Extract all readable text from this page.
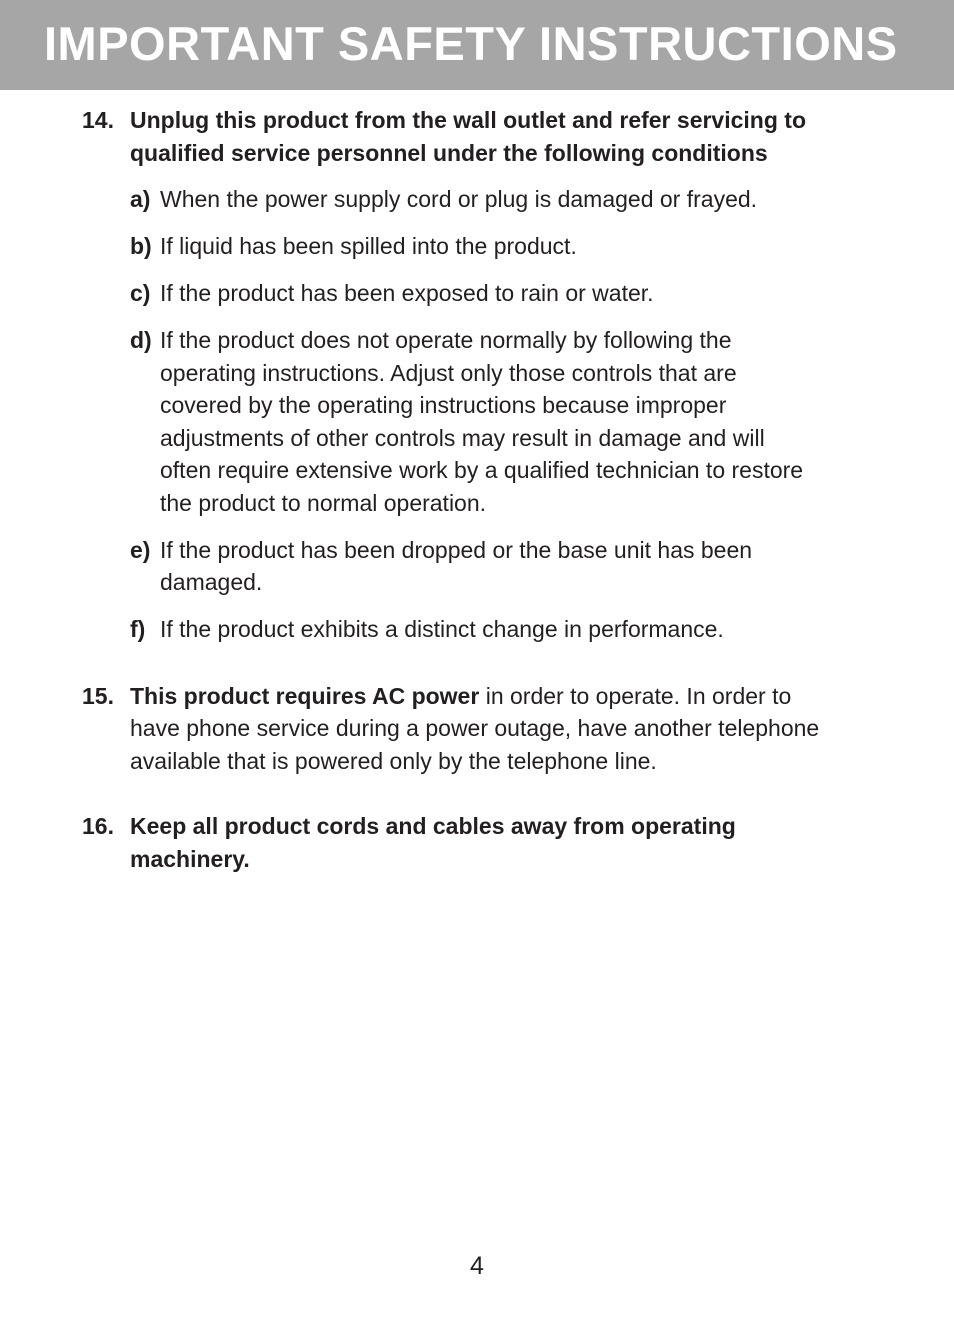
IMPORTANT SAFETY INSTRUCTIONS
14. Unplug this product from the wall outlet and refer servicing to qualified service personnel under the following conditions
a) When the power supply cord or plug is damaged or frayed.
b) If liquid has been spilled into the product.
c) If the product has been exposed to rain or water.
d) If the product does not operate normally by following the operating instructions. Adjust only those controls that are covered by the operating instructions because improper adjustments of other controls may result in damage and will often require extensive work by a qualified technician to restore the product to normal operation.
e) If the product has been dropped or the base unit has been damaged.
f) If the product exhibits a distinct change in performance.
15. This product requires AC power in order to operate. In order to have phone service during a power outage, have another telephone available that is powered only by the telephone line.
16. Keep all product cords and cables away from operating machinery.
4
